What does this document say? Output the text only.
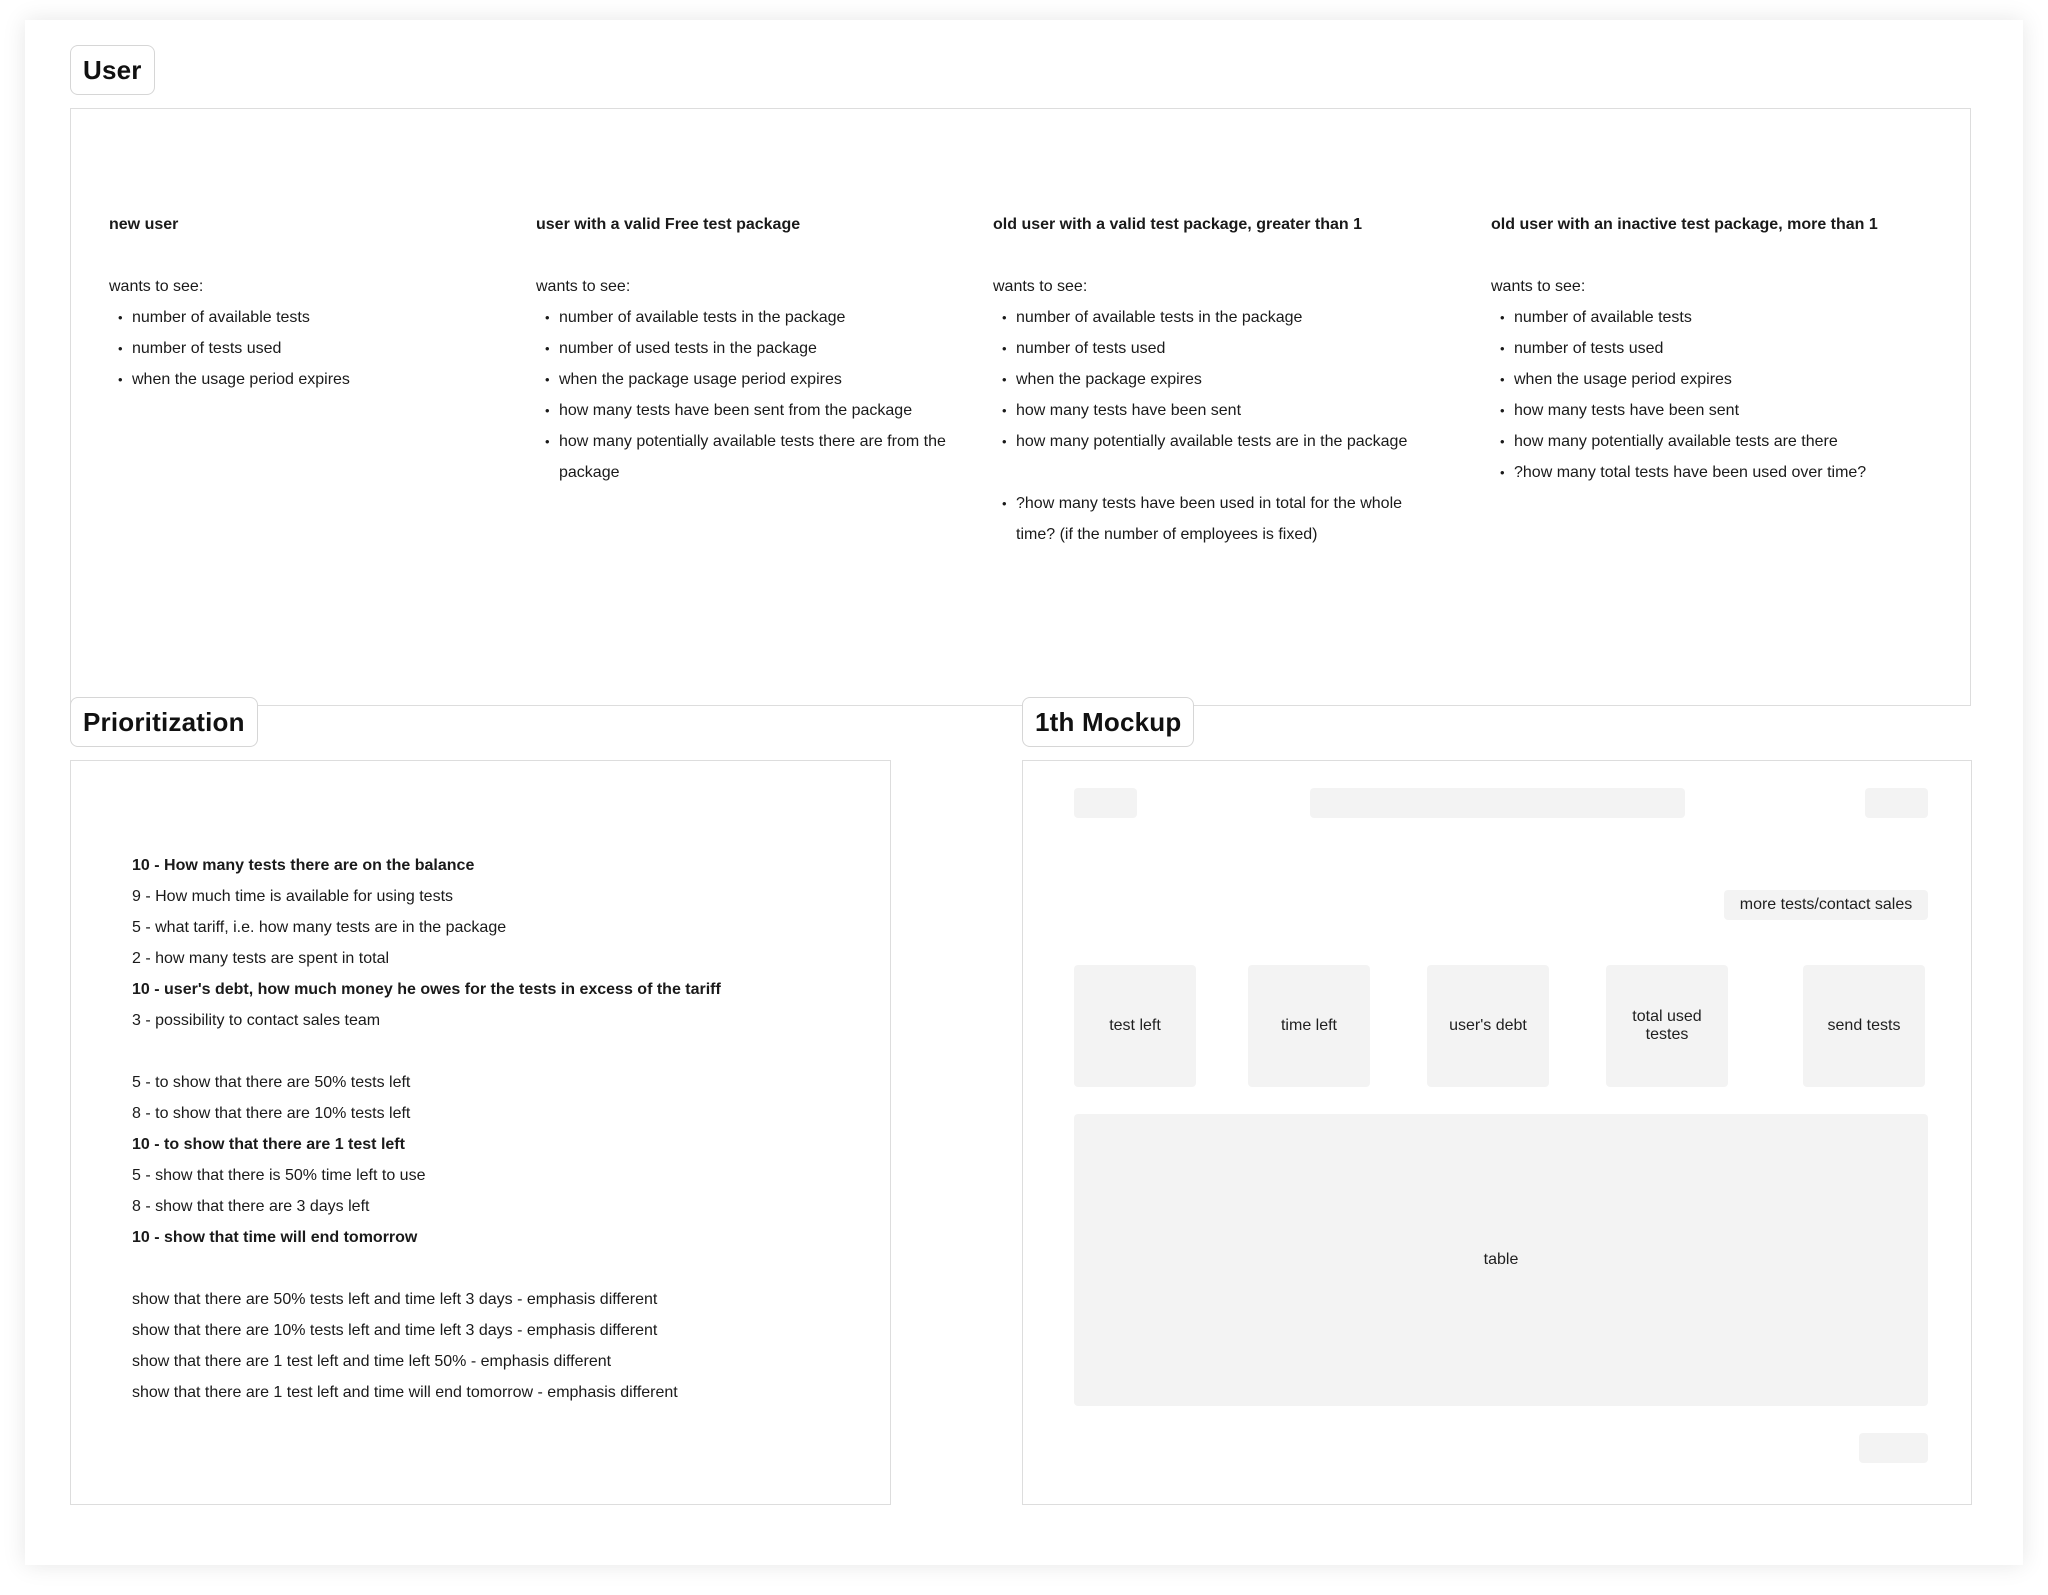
User
new user
wants to see:
• number of available tests
• number of tests used
• when the usage period expires
user with a valid Free test package
wants to see:
• number of available tests in the package
• number of used tests in the package
• when the package usage period expires
• how many tests have been sent from the package
• how many potentially available tests there are from the package
old user with a valid test package, greater than 1
wants to see:
• number of available tests in the package
• number of tests used
• when the package expires
• how many tests have been sent
• how many potentially available tests are in the package
• ?how many tests have been used in total for the whole time? (if the number of employees is fixed)
old user with an inactive test package, more than 1
wants to see:
• number of available tests
• number of tests used
• when the usage period expires
• how many tests have been sent
• how many potentially available tests are there
• ?how many total tests have been used over time?
Prioritization
10 - How many tests there are on the balance
9 - How much time is available for using tests
5 - what tariff, i.e. how many tests are in the package
2 - how many tests are spent in total
10 - user's debt, how much money he owes for the tests in excess of the tariff
3 - possibility to contact sales team
5 - to show that there are 50% tests left
8 - to show that there are 10% tests left
10 - to show that there are 1 test left
5 - show that there is 50% time left to use
8 - show that there are 3 days left
10 - show that time will end tomorrow
show that there are 50% tests left and time left 3 days - emphasis different
show that there are 10% tests left and time left 3 days - emphasis different
show that there are 1 test left and time left 50% - emphasis different
show that there are 1 test left and time will end tomorrow - emphasis different
1th Mockup
more tests/contact sales
test left	time left	user's debt
total used testes
send tests
table
